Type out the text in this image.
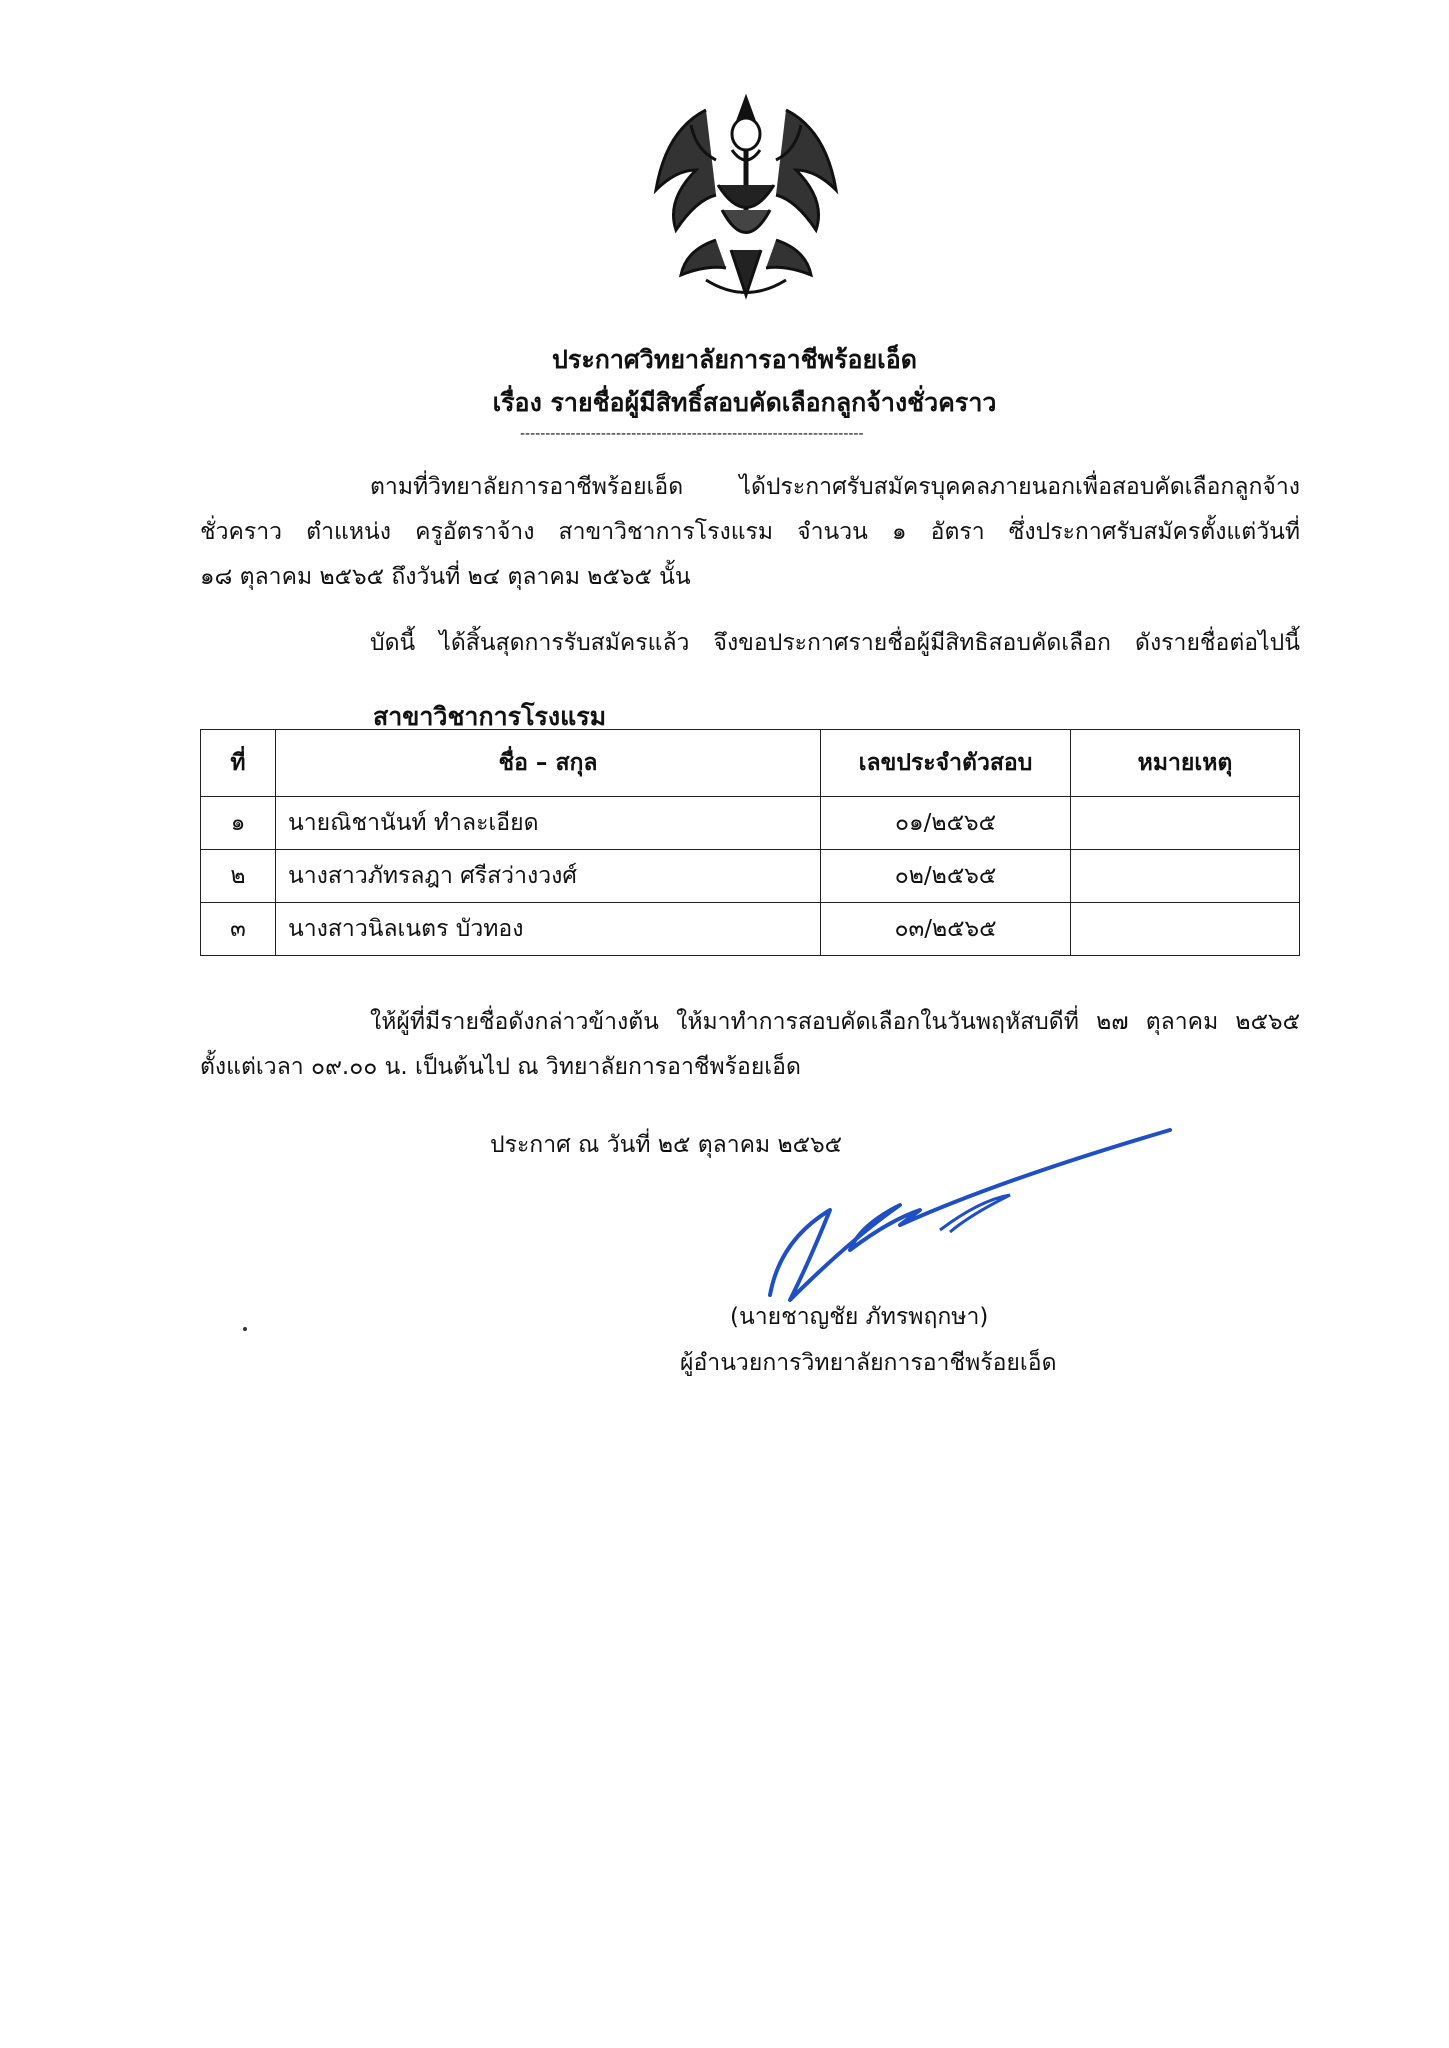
ประกาศวิทยาลัยการอาชีพร้อยเอ็ด
เรื่อง รายชื่อผู้มีสิทธิ์สอบคัดเลือกลูกจ้างชั่วคราว
--------------------------------------------------------------------
ตามที่วิทยาลัยการอาชีพร้อยเอ็ด ได้ประกาศรับสมัครบุคคลภายนอกเพื่อสอบคัดเลือกลูกจ้าง
ชั่วคราว ตำแหน่ง ครูอัตราจ้าง สาขาวิชาการโรงแรม จำนวน ๑ อัตรา ซึ่งประกาศรับสมัครตั้งแต่วันที่
๑๘ ตุลาคม ๒๕๖๕ ถึงวันที่ ๒๔ ตุลาคม ๒๕๖๕ นั้น
บัดนี้ ได้สิ้นสุดการรับสมัครแล้ว จึงขอประกาศรายชื่อผู้มีสิทธิสอบคัดเลือก ดังรายชื่อต่อไปนี้
สาขาวิชาการโรงแรม
ที่	ชื่อ – สกุล	เลขประจำตัวสอบ	หมายเหตุ
๑	นายณิชานันท์ ทำละเอียด	๐๑/๒๕๖๕	
๒	นางสาวภัทรลฎา ศรีสว่างวงศ์	๐๒/๒๕๖๕	
๓	นางสาวนิลเนตร บัวทอง	๐๓/๒๕๖๕	
ให้ผู้ที่มีรายชื่อดังกล่าวข้างต้น ให้มาทำการสอบคัดเลือกในวันพฤหัสบดีที่ ๒๗ ตุลาคม ๒๕๖๕
ตั้งแต่เวลา ๐๙.๐๐ น. เป็นต้นไป ณ วิทยาลัยการอาชีพร้อยเอ็ด
ประกาศ ณ วันที่ ๒๕ ตุลาคม ๒๕๖๕
(นายชาญชัย ภัทรพฤกษา)
ผู้อำนวยการวิทยาลัยการอาชีพร้อยเอ็ด
